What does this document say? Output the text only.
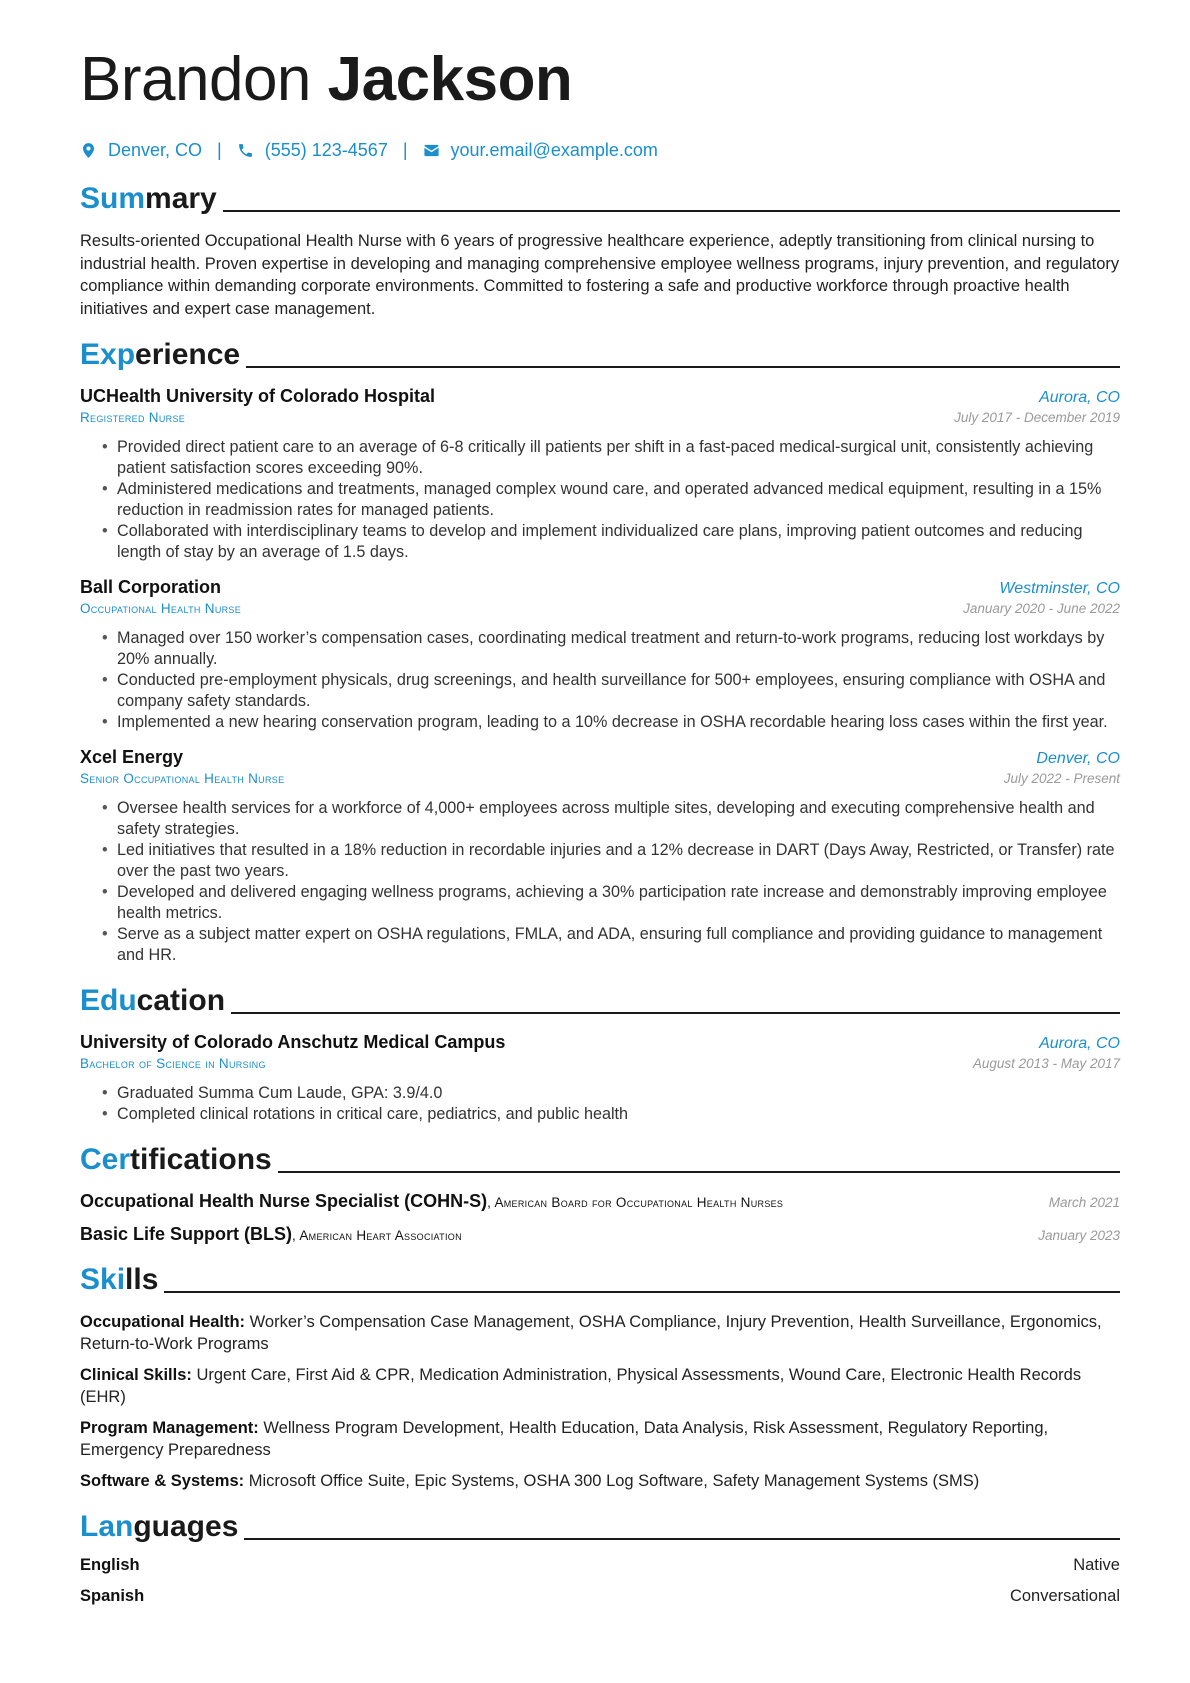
Brandon Jackson
Denver, CO | (555) 123-4567 | your.email@example.com
Summary
Results-oriented Occupational Health Nurse with 6 years of progressive healthcare experience, adeptly transitioning from clinical nursing to industrial health. Proven expertise in developing and managing comprehensive employee wellness programs, injury prevention, and regulatory compliance within demanding corporate environments. Committed to fostering a safe and productive workforce through proactive health initiatives and expert case management.
Experience
UCHealth University of Colorado Hospital	Aurora, CO
Registered Nurse	July 2017 - December 2019
• Provided direct patient care to an average of 6-8 critically ill patients per shift in a fast-paced medical-surgical unit, consistently achieving patient satisfaction scores exceeding 90%.
• Administered medications and treatments, managed complex wound care, and operated advanced medical equipment, resulting in a 15% reduction in readmission rates for managed patients.
• Collaborated with interdisciplinary teams to develop and implement individualized care plans, improving patient outcomes and reducing length of stay by an average of 1.5 days.
Ball Corporation	Westminster, CO
Occupational Health Nurse	January 2020 - June 2022
• Managed over 150 worker’s compensation cases, coordinating medical treatment and return-to-work programs, reducing lost workdays by 20% annually.
• Conducted pre-employment physicals, drug screenings, and health surveillance for 500+ employees, ensuring compliance with OSHA and company safety standards.
• Implemented a new hearing conservation program, leading to a 10% decrease in OSHA recordable hearing loss cases within the first year.
Xcel Energy	Denver, CO
Senior Occupational Health Nurse	July 2022 - Present
• Oversee health services for a workforce of 4,000+ employees across multiple sites, developing and executing comprehensive health and safety strategies.
• Led initiatives that resulted in a 18% reduction in recordable injuries and a 12% decrease in DART (Days Away, Restricted, or Transfer) rate over the past two years.
• Developed and delivered engaging wellness programs, achieving a 30% participation rate increase and demonstrably improving employee health metrics.
• Serve as a subject matter expert on OSHA regulations, FMLA, and ADA, ensuring full compliance and providing guidance to management and HR.
Education
University of Colorado Anschutz Medical Campus	Aurora, CO
Bachelor of Science in Nursing	August 2013 - May 2017
• Graduated Summa Cum Laude, GPA: 3.9/4.0
• Completed clinical rotations in critical care, pediatrics, and public health
Certifications
Occupational Health Nurse Specialist (COHN-S), American Board for Occupational Health Nurses	March 2021
Basic Life Support (BLS), American Heart Association	January 2023
Skills
Occupational Health: Worker’s Compensation Case Management, OSHA Compliance, Injury Prevention, Health Surveillance, Ergonomics, Return-to-Work Programs
Clinical Skills: Urgent Care, First Aid & CPR, Medication Administration, Physical Assessments, Wound Care, Electronic Health Records (EHR)
Program Management: Wellness Program Development, Health Education, Data Analysis, Risk Assessment, Regulatory Reporting, Emergency Preparedness
Software & Systems: Microsoft Office Suite, Epic Systems, OSHA 300 Log Software, Safety Management Systems (SMS)
Languages
English	Native
Spanish	Conversational
